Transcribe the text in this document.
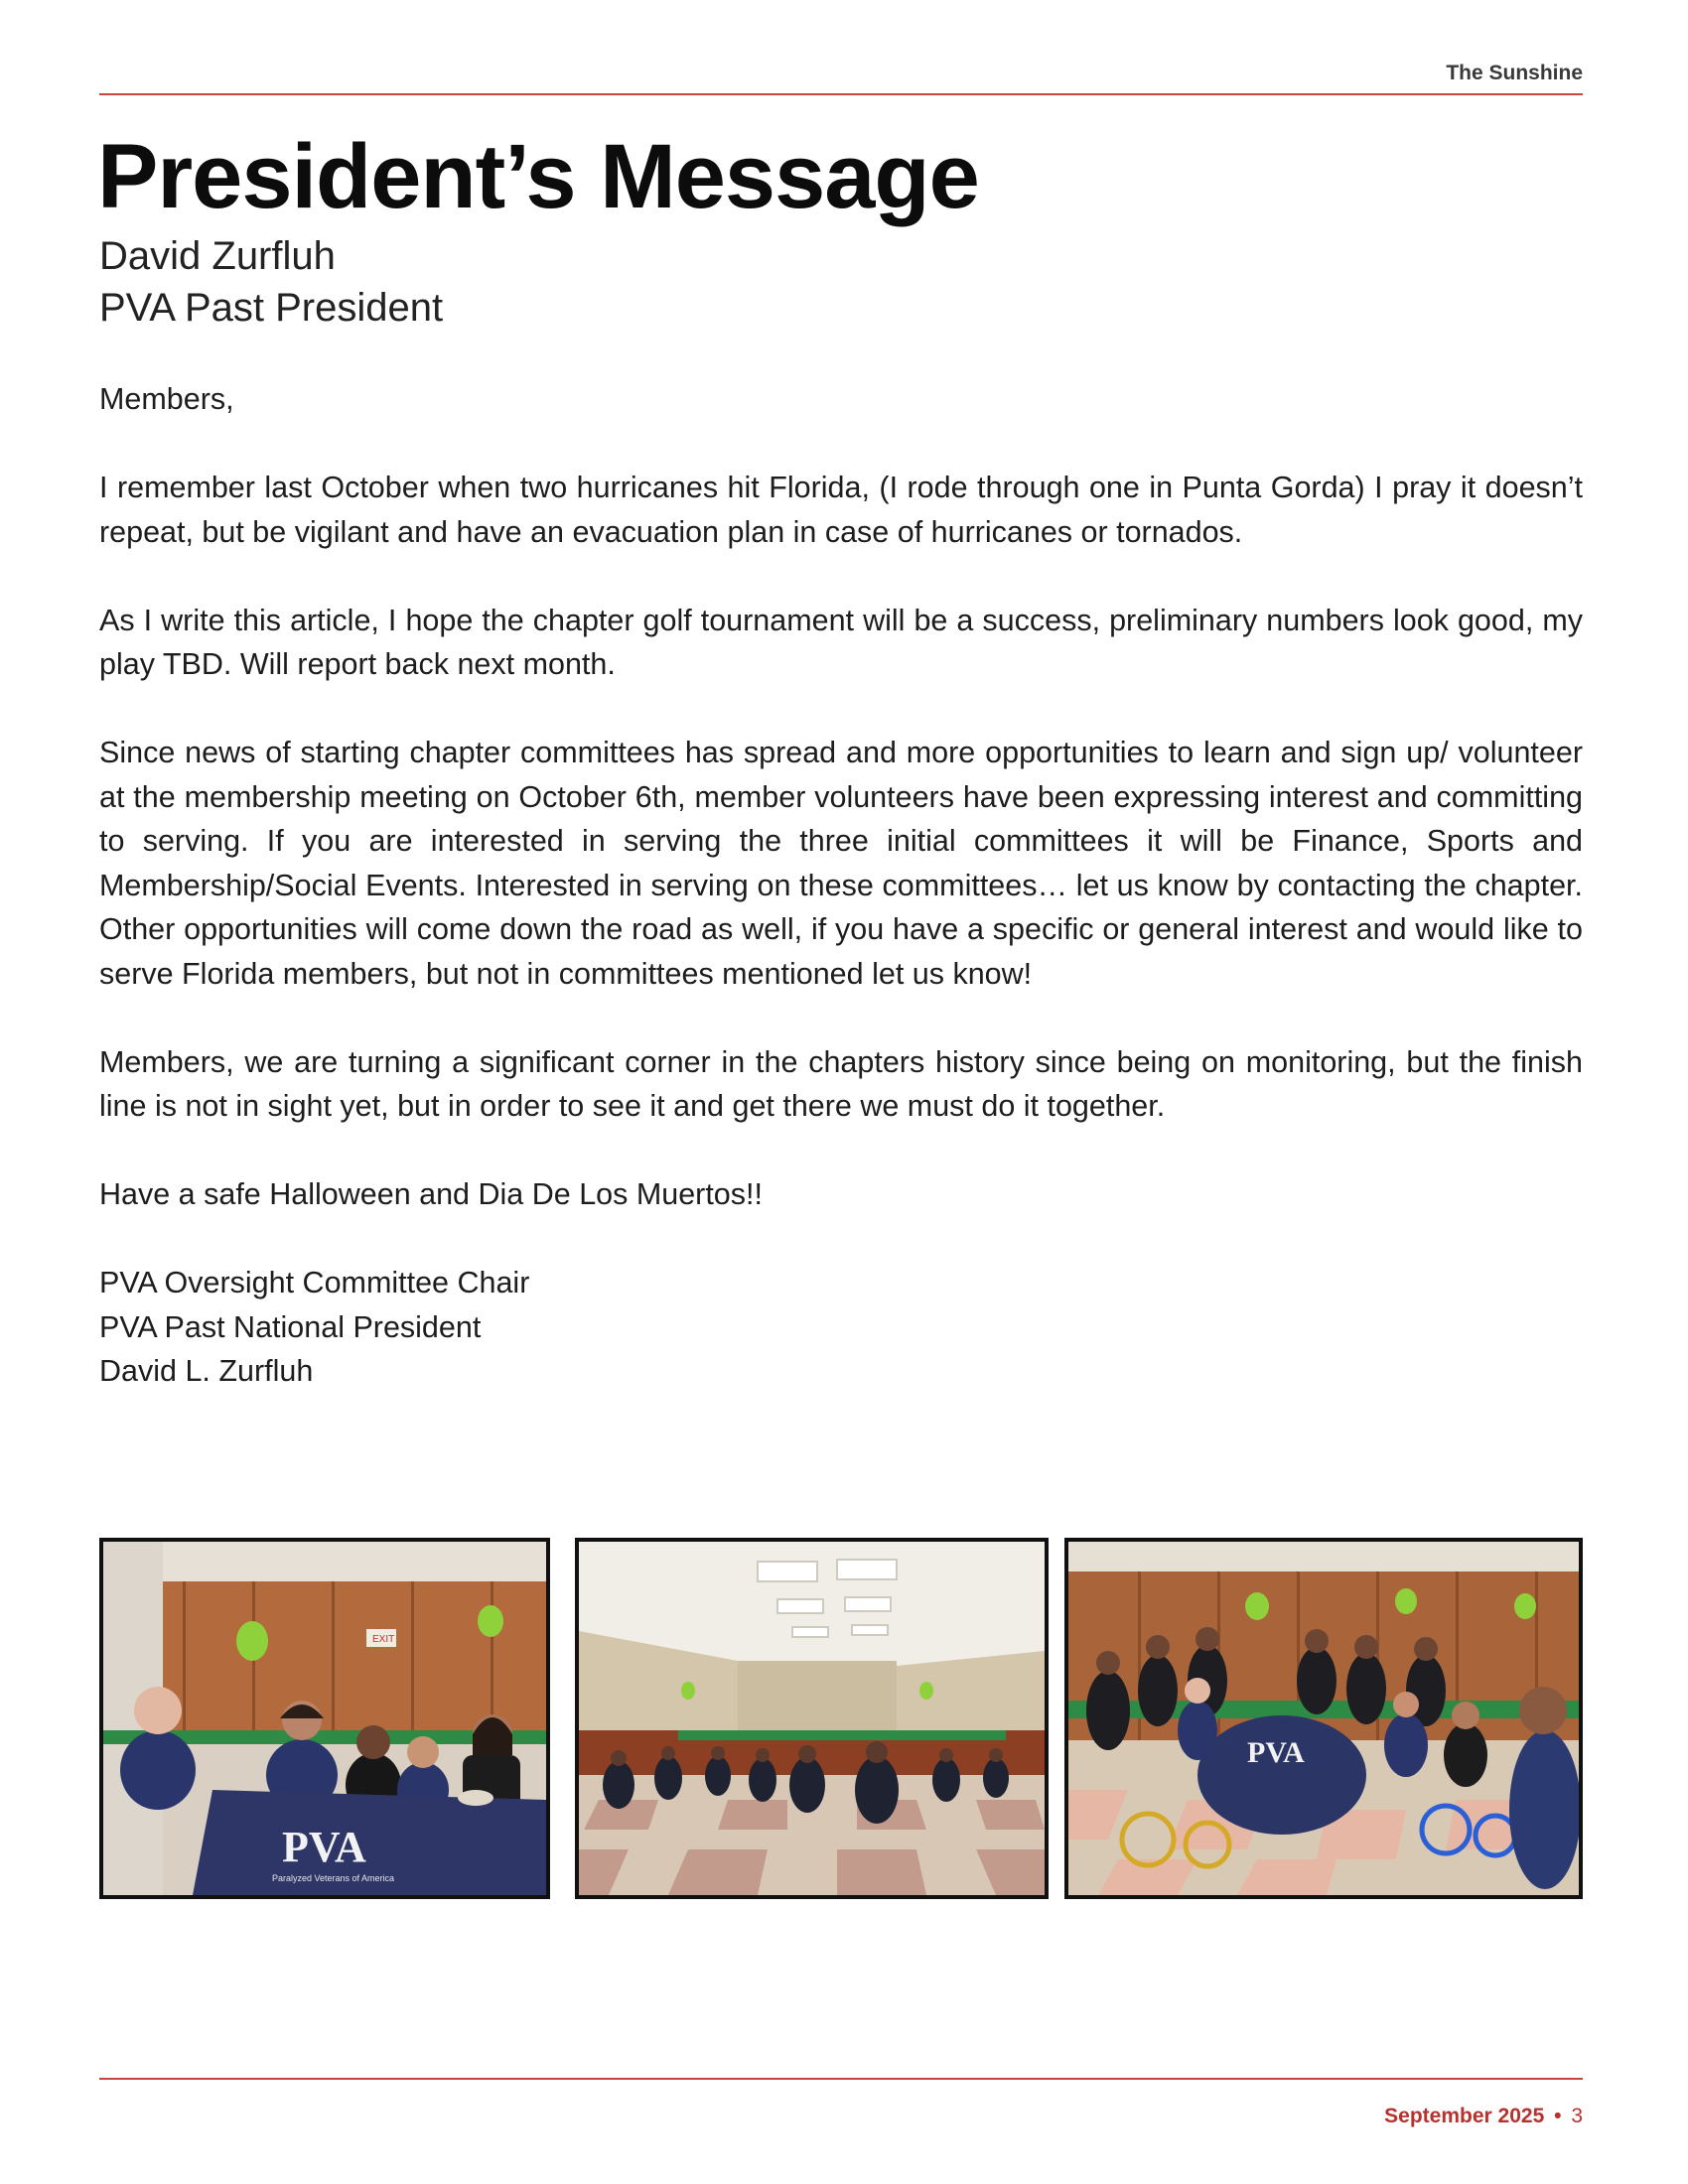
The Sunshine
President’s Message
David Zurfluh
PVA Past President

Members,

I remember last October when two hurricanes hit Florida, (I rode through one in Punta Gorda) I pray it doesn’t repeat, but be vigilant and have an evacuation plan in case of hurricanes or tornados.

As I write this article, I hope the chapter golf tournament will be a success, preliminary numbers look good, my play TBD. Will report back next month.

Since news of starting chapter committees has spread and more opportunities to learn and sign up/ volunteer at the membership meeting on October 6th, member volunteers have been expressing interest and committing to serving. If you are interested in serving the three initial committees it will be Finance, Sports and Membership/Social Events. Interested in serving on these committees… let us know by contacting the chapter. Other opportunities will come down the road as well, if you have a specific or general interest and would like to serve Florida members, but not in committees mentioned let us know!

Members, we are turning a significant corner in the chapters history since being on monitoring, but the finish line is not in sight yet, but in order to see it and get there we must do it together.

Have a safe Halloween and Dia De Los Muertos!!

PVA Oversight Committee Chair
PVA Past National President
David L. Zurfluh
EXIT
PVA
Paralyzed Veterans of America
PVA
September 2025 • 3
